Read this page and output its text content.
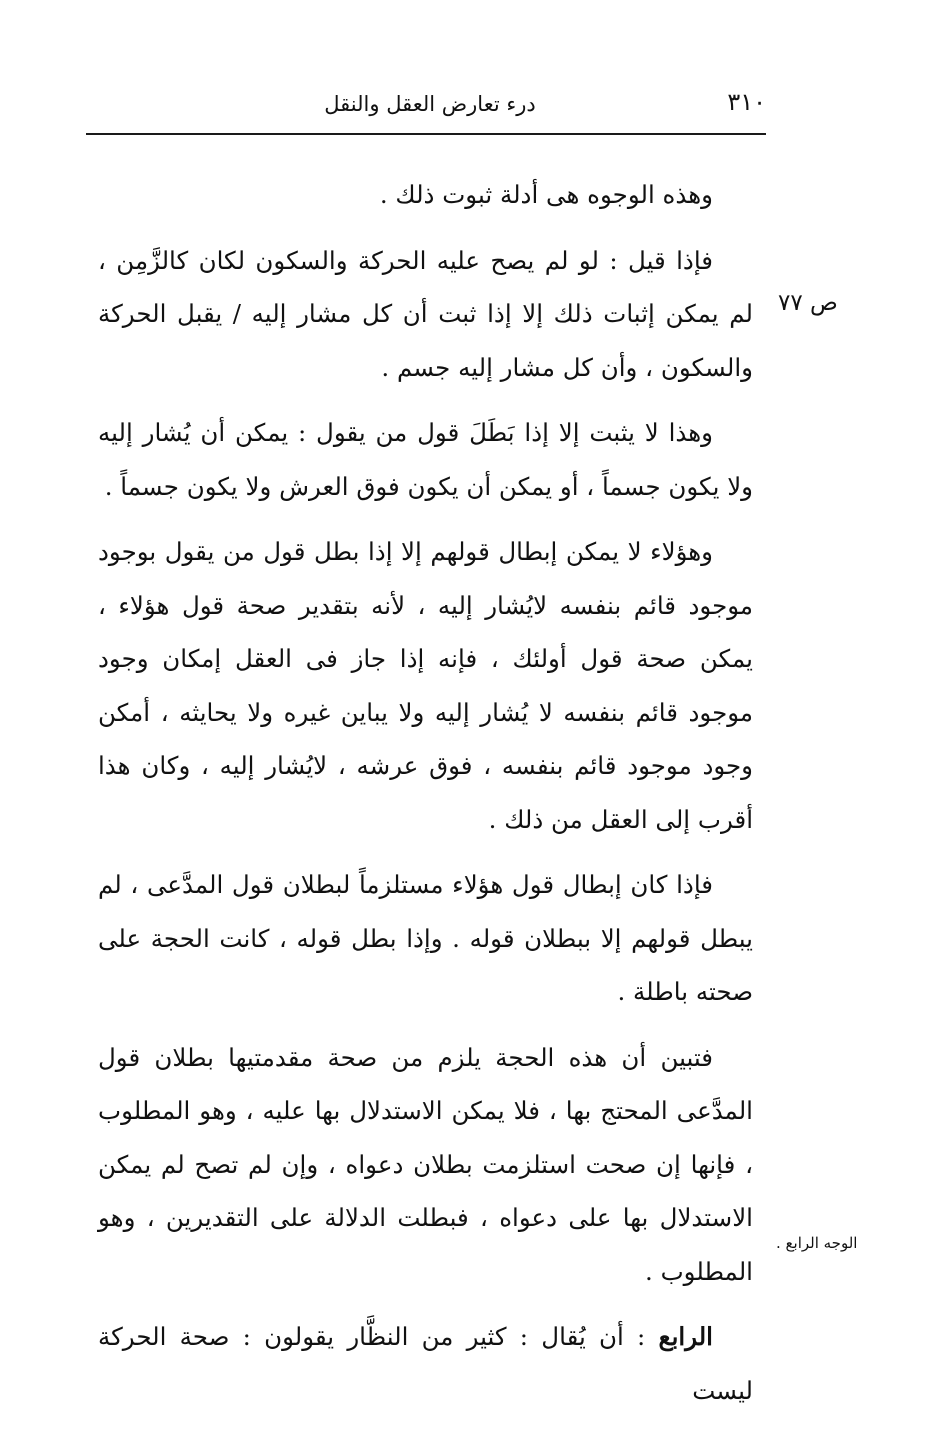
٣١٠
درء تعارض العقل والنقل
ص ٧٧
الوجه الرابع .

وهذه الوجوه هى أدلة ثبوت ذلك .

فإذا قيل : لو لم يصح عليه الحركة والسكون لكان كالزَّمِن ، لم يمكن إثبات ذلك إلا إذا ثبت أن كل مشار إليه / يقبل الحركة والسكون ، وأن كل مشار إليه جسم .

وهذا لا يثبت إلا إذا بَطَلَ قول من يقول : يمكن أن يُشار إليه ولا يكون جسماً ، أو يمكن أن يكون فوق العرش ولا يكون جسماً .

وهؤلاء لا يمكن إبطال قولهم إلا إذا بطل قول من يقول بوجود موجود قائم بنفسه لايُشار إليه ، لأنه بتقدير صحة قول هؤلاء ، يمكن صحة قول أولئك ، فإنه إذا جاز فى العقل إمكان وجود موجود قائم بنفسه لا يُشار إليه ولا يباين غيره ولا يحايثه ، أمكن وجود موجود قائم بنفسه ، فوق عرشه ، لايُشار إليه ، وكان هذا أقرب إلى العقل من ذلك .

فإذا كان إبطال قول هؤلاء مستلزماً لبطلان قول المدَّعى ، لم يبطل قولهم إلا ببطلان قوله . وإذا بطل قوله ، كانت الحجة على صحته باطلة .

فتبين أن هذه الحجة يلزم من صحة مقدمتيها بطلان قول المدَّعى المحتج بها ، فلا يمكن الاستدلال بها عليه ، وهو المطلوب ، فإنها إن صحت استلزمت بطلان دعواه ، وإن لم تصح لم يمكن الاستدلال بها على دعواه ، فبطلت الدلالة على التقديرين ، وهو المطلوب .

الرابع : أن يُقال : كثير من النظَّار يقولون : صحة الحركة ليست
